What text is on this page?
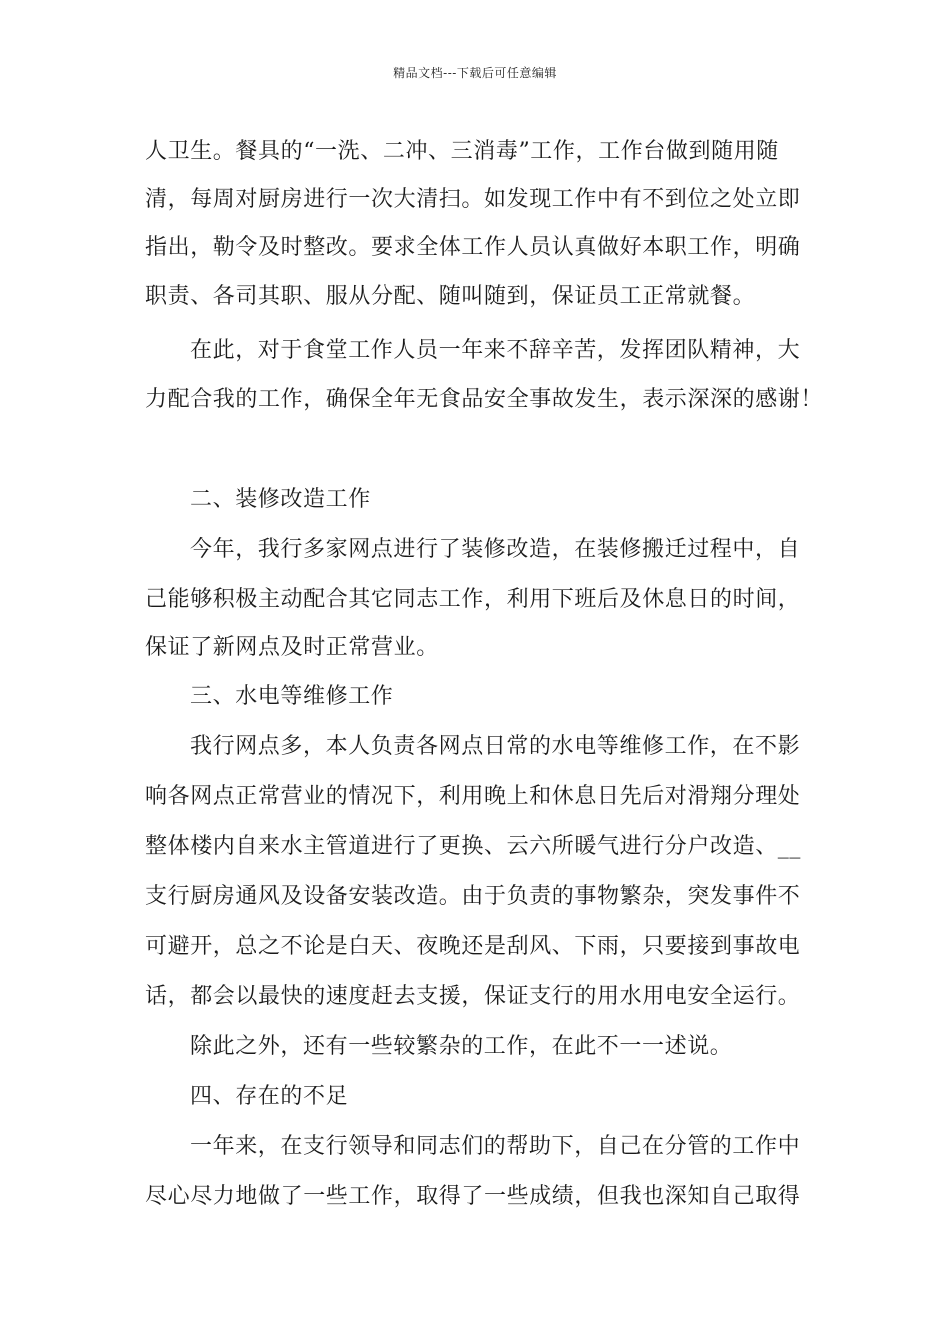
精品文档---下载后可任意编辑
人卫生。餐具的“一洗、二冲、三消毒”工作，工作台做到随用随
清，每周对厨房进行一次大清扫。如发现工作中有不到位之处立即
指出，勒令及时整改。要求全体工作人员认真做好本职工作，明确
职责、各司其职、服从分配、随叫随到，保证员工正常就餐。
在此，对于食堂工作人员一年来不辞辛苦，发挥团队精神，大
力配合我的工作，确保全年无食品安全事故发生，表示深深的感谢！
二、装修改造工作
今年，我行多家网点进行了装修改造，在装修搬迁过程中，自
己能够积极主动配合其它同志工作，利用下班后及休息日的时间，
保证了新网点及时正常营业。
三、水电等维修工作
我行网点多，本人负责各网点日常的水电等维修工作，在不影
响各网点正常营业的情况下，利用晚上和休息日先后对滑翔分理处
整体楼内自来水主管道进行了更换、云六所暖气进行分户改造、__
支行厨房通风及设备安装改造。由于负责的事物繁杂，突发事件不
可避开，总之不论是白天、夜晚还是刮风、下雨，只要接到事故电
话，都会以最快的速度赶去支援，保证支行的用水用电安全运行。
除此之外，还有一些较繁杂的工作，在此不一一述说。
四、存在的不足
一年来，在支行领导和同志们的帮助下，自己在分管的工作中
尽心尽力地做了一些工作，取得了一些成绩，但我也深知自己取得
